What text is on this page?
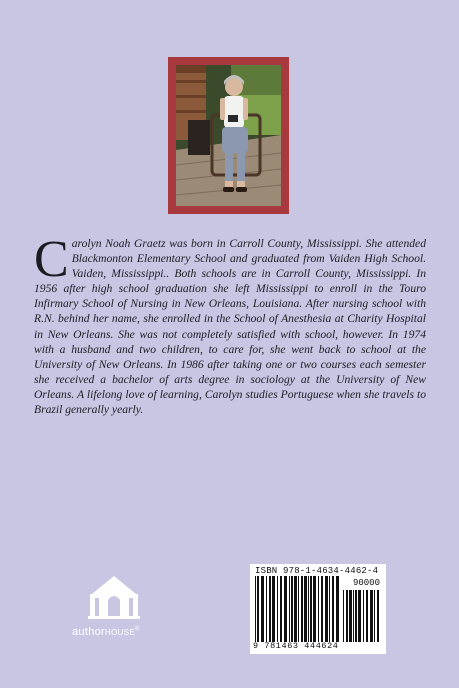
Carolyn Noah Graetz was born in Carroll County, Mississippi. She attended Blackmonton Elementary School and graduated from Vaiden High School. Vaiden, Mississippi.. Both schools are in Carroll County, Mississippi. In 1956 after high school graduation she left Mississippi to enroll in the Touro Infirmary School of Nursing in New Orleans, Louisiana. After nursing school with R.N. behind her name, she enrolled in the School of Anesthesia at Charity Hospital in New Orleans. She was not completely satisfied with school, however. In 1974 with a husband and two children, to care for, she went back to school at the University of New Orleans. In 1986 after taking one or two courses each semester she received a bachelor of arts degree in sociology at the University of New Orleans. A lifelong love of learning, Carolyn studies Portuguese when she travels to Brazil generally yearly.

authorHOUSE®
ISBN 978-1-4634-4462-4
90000
9 781463 444624
